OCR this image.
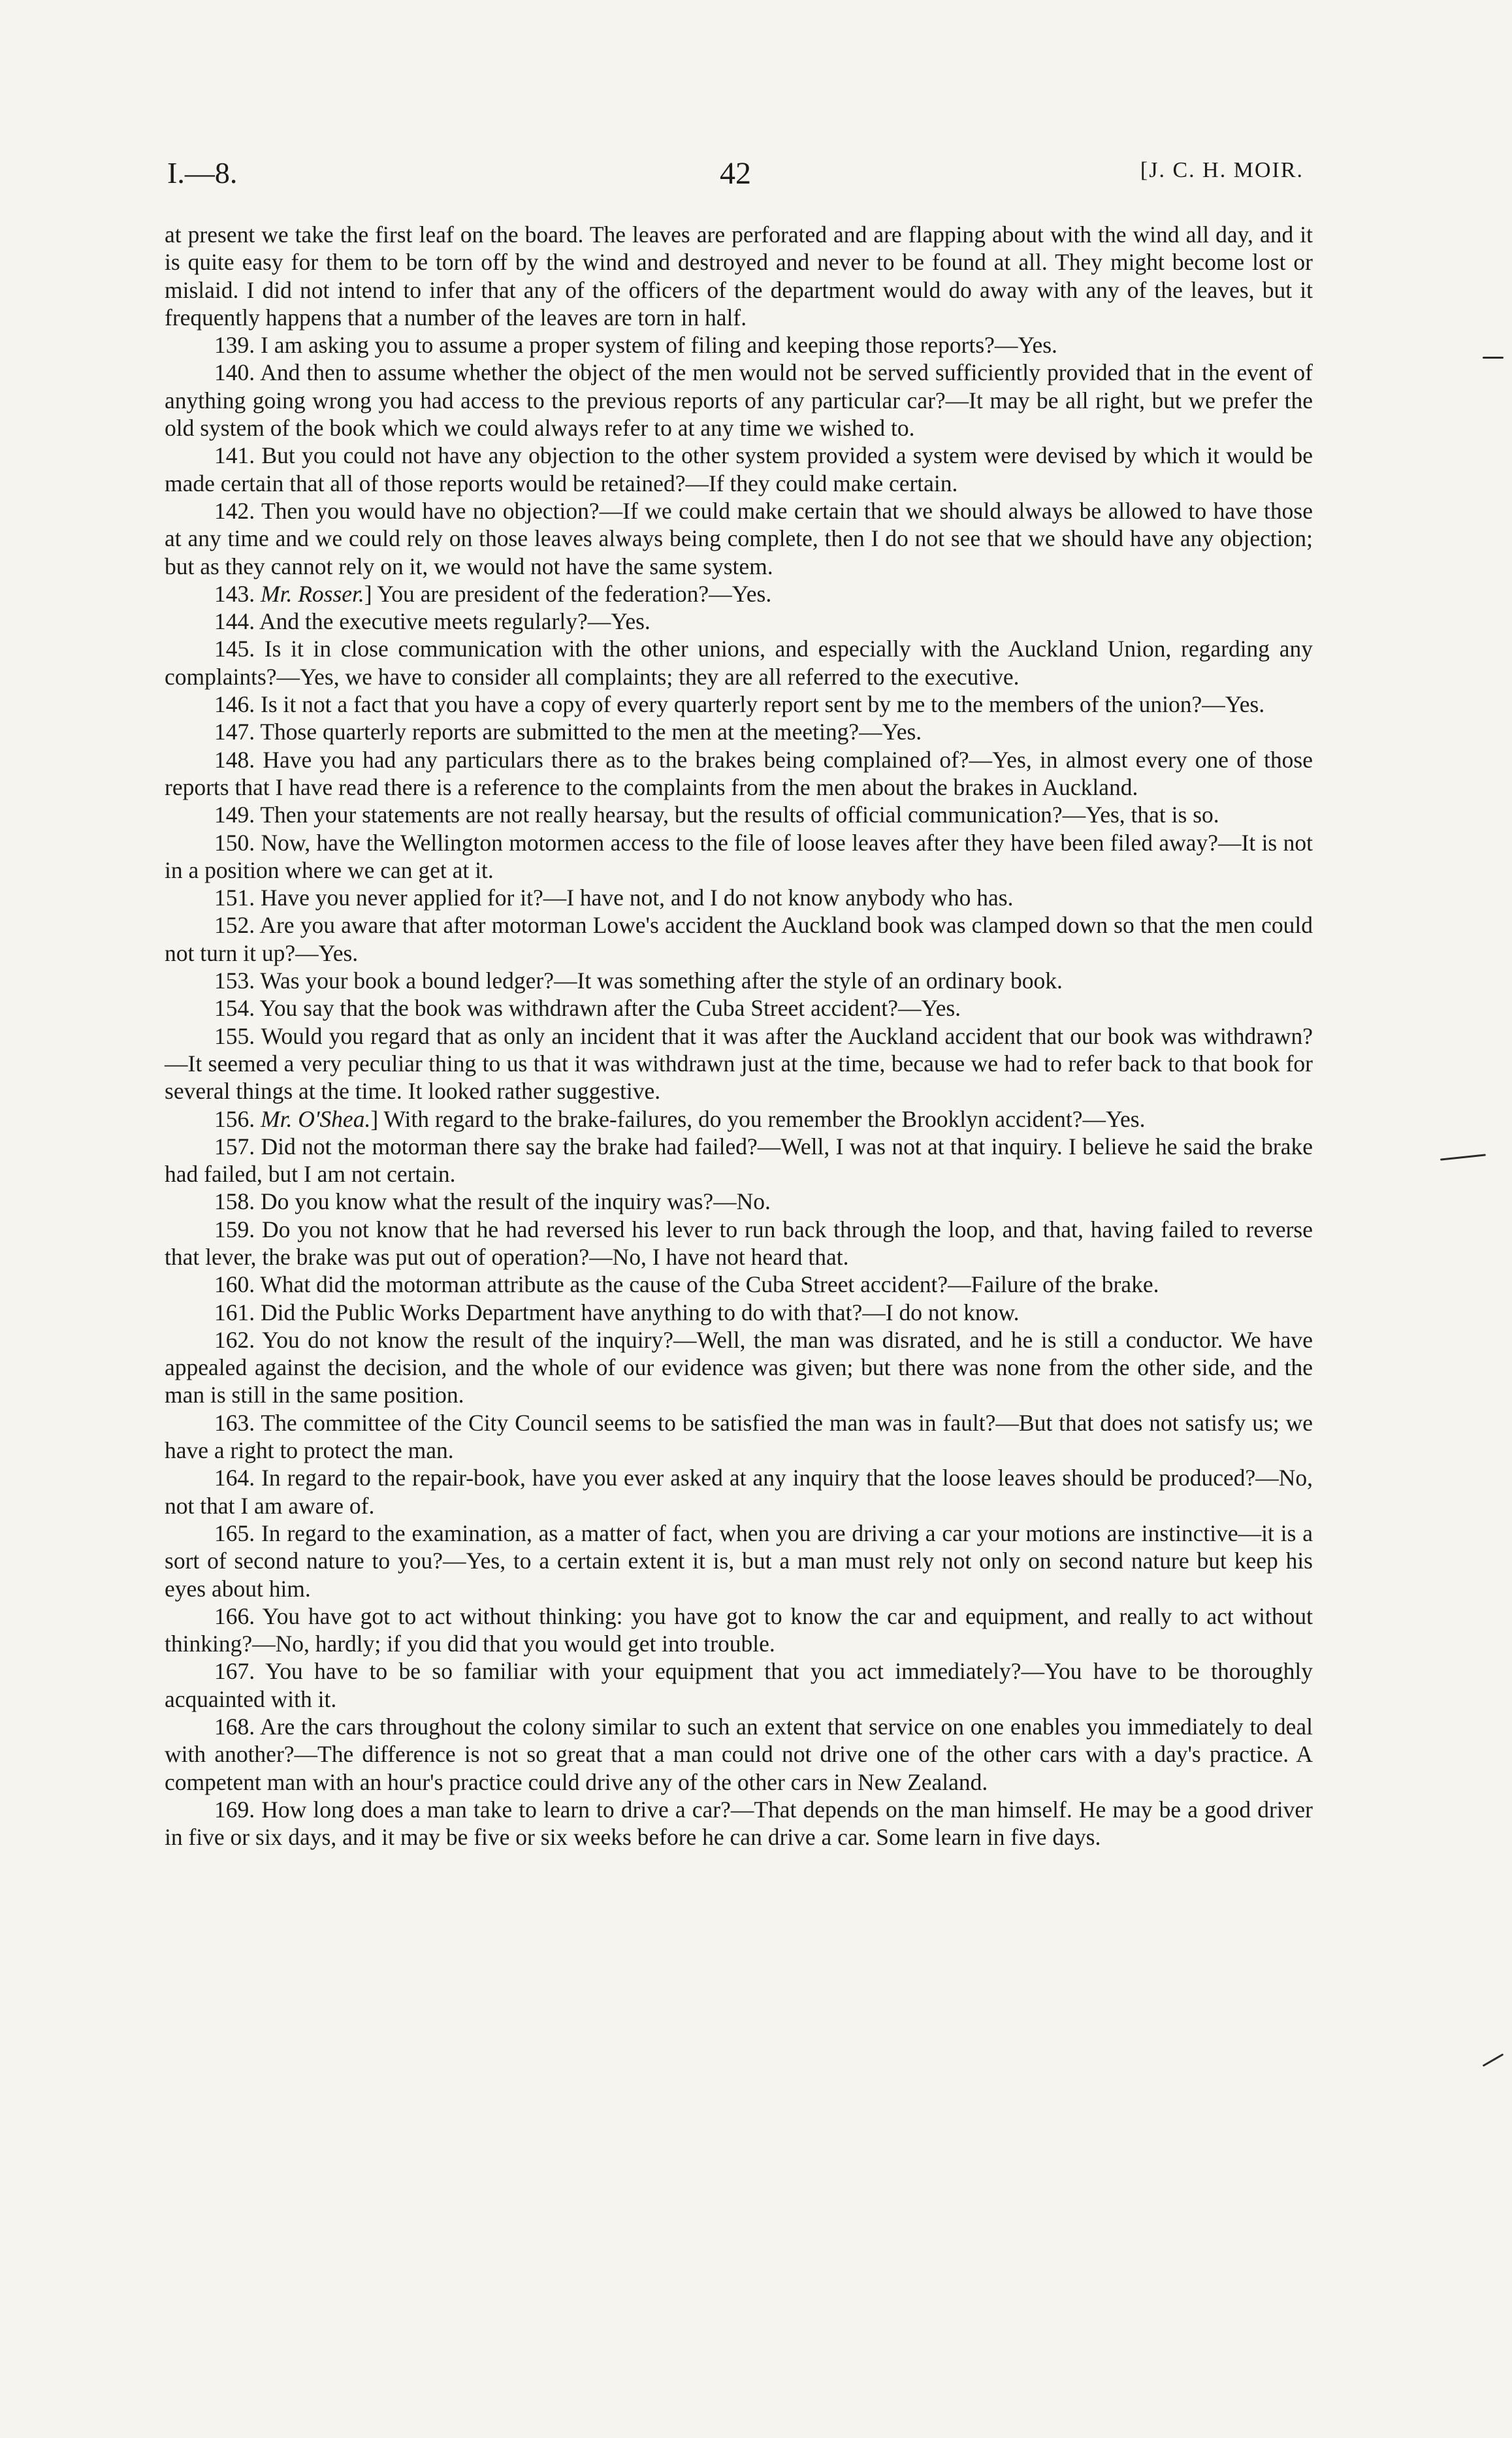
I.—8.	42	[J. C. H. MOIR.

at present we take the first leaf on the board. The leaves are perforated and are flapping about with the wind all day, and it is quite easy for them to be torn off by the wind and destroyed and never to be found at all. They might become lost or mislaid. I did not intend to infer that any of the officers of the department would do away with any of the leaves, but it frequently happens that a number of the leaves are torn in half.

139. I am asking you to assume a proper system of filing and keeping those reports?—Yes.

140. And then to assume whether the object of the men would not be served sufficiently provided that in the event of anything going wrong you had access to the previous reports of any particular car?—It may be all right, but we prefer the old system of the book which we could always refer to at any time we wished to.

141. But you could not have any objection to the other system provided a system were devised by which it would be made certain that all of those reports would be retained?—If they could make certain.

142. Then you would have no objection?—If we could make certain that we should always be allowed to have those at any time and we could rely on those leaves always being complete, then I do not see that we should have any objection; but as they cannot rely on it, we would not have the same system.

143. Mr. Rosser.] You are president of the federation?—Yes.

144. And the executive meets regularly?—Yes.

145. Is it in close communication with the other unions, and especially with the Auckland Union, regarding any complaints?—Yes, we have to consider all complaints; they are all referred to the executive.

146. Is it not a fact that you have a copy of every quarterly report sent by me to the members of the union?—Yes.

147. Those quarterly reports are submitted to the men at the meeting?—Yes.

148. Have you had any particulars there as to the brakes being complained of?—Yes, in almost every one of those reports that I have read there is a reference to the complaints from the men about the brakes in Auckland.

149. Then your statements are not really hearsay, but the results of official communication?—Yes, that is so.

150. Now, have the Wellington motormen access to the file of loose leaves after they have been filed away?—It is not in a position where we can get at it.

151. Have you never applied for it?—I have not, and I do not know anybody who has.

152. Are you aware that after motorman Lowe's accident the Auckland book was clamped down so that the men could not turn it up?—Yes.

153. Was your book a bound ledger?—It was something after the style of an ordinary book.

154. You say that the book was withdrawn after the Cuba Street accident?—Yes.

155. Would you regard that as only an incident that it was after the Auckland accident that our book was withdrawn?—It seemed a very peculiar thing to us that it was withdrawn just at the time, because we had to refer back to that book for several things at the time. It looked rather suggestive.

156. Mr. O'Shea.] With regard to the brake-failures, do you remember the Brooklyn accident?—Yes.

157. Did not the motorman there say the brake had failed?—Well, I was not at that inquiry. I believe he said the brake had failed, but I am not certain.

158. Do you know what the result of the inquiry was?—No.

159. Do you not know that he had reversed his lever to run back through the loop, and that, having failed to reverse that lever, the brake was put out of operation?—No, I have not heard that.

160. What did the motorman attribute as the cause of the Cuba Street accident?—Failure of the brake.

161. Did the Public Works Department have anything to do with that?—I do not know.

162. You do not know the result of the inquiry?—Well, the man was disrated, and he is still a conductor. We have appealed against the decision, and the whole of our evidence was given; but there was none from the other side, and the man is still in the same position.

163. The committee of the City Council seems to be satisfied the man was in fault?—But that does not satisfy us; we have a right to protect the man.

164. In regard to the repair-book, have you ever asked at any inquiry that the loose leaves should be produced?—No, not that I am aware of.

165. In regard to the examination, as a matter of fact, when you are driving a car your motions are instinctive—it is a sort of second nature to you?—Yes, to a certain extent it is, but a man must rely not only on second nature but keep his eyes about him.

166. You have got to act without thinking: you have got to know the car and equipment, and really to act without thinking?—No, hardly; if you did that you would get into trouble.

167. You have to be so familiar with your equipment that you act immediately?—You have to be thoroughly acquainted with it.

168. Are the cars throughout the colony similar to such an extent that service on one enables you immediately to deal with another?—The difference is not so great that a man could not drive one of the other cars with a day's practice. A competent man with an hour's practice could drive any of the other cars in New Zealand.

169. How long does a man take to learn to drive a car?—That depends on the man himself. He may be a good driver in five or six days, and it may be five or six weeks before he can drive a car. Some learn in five days.
